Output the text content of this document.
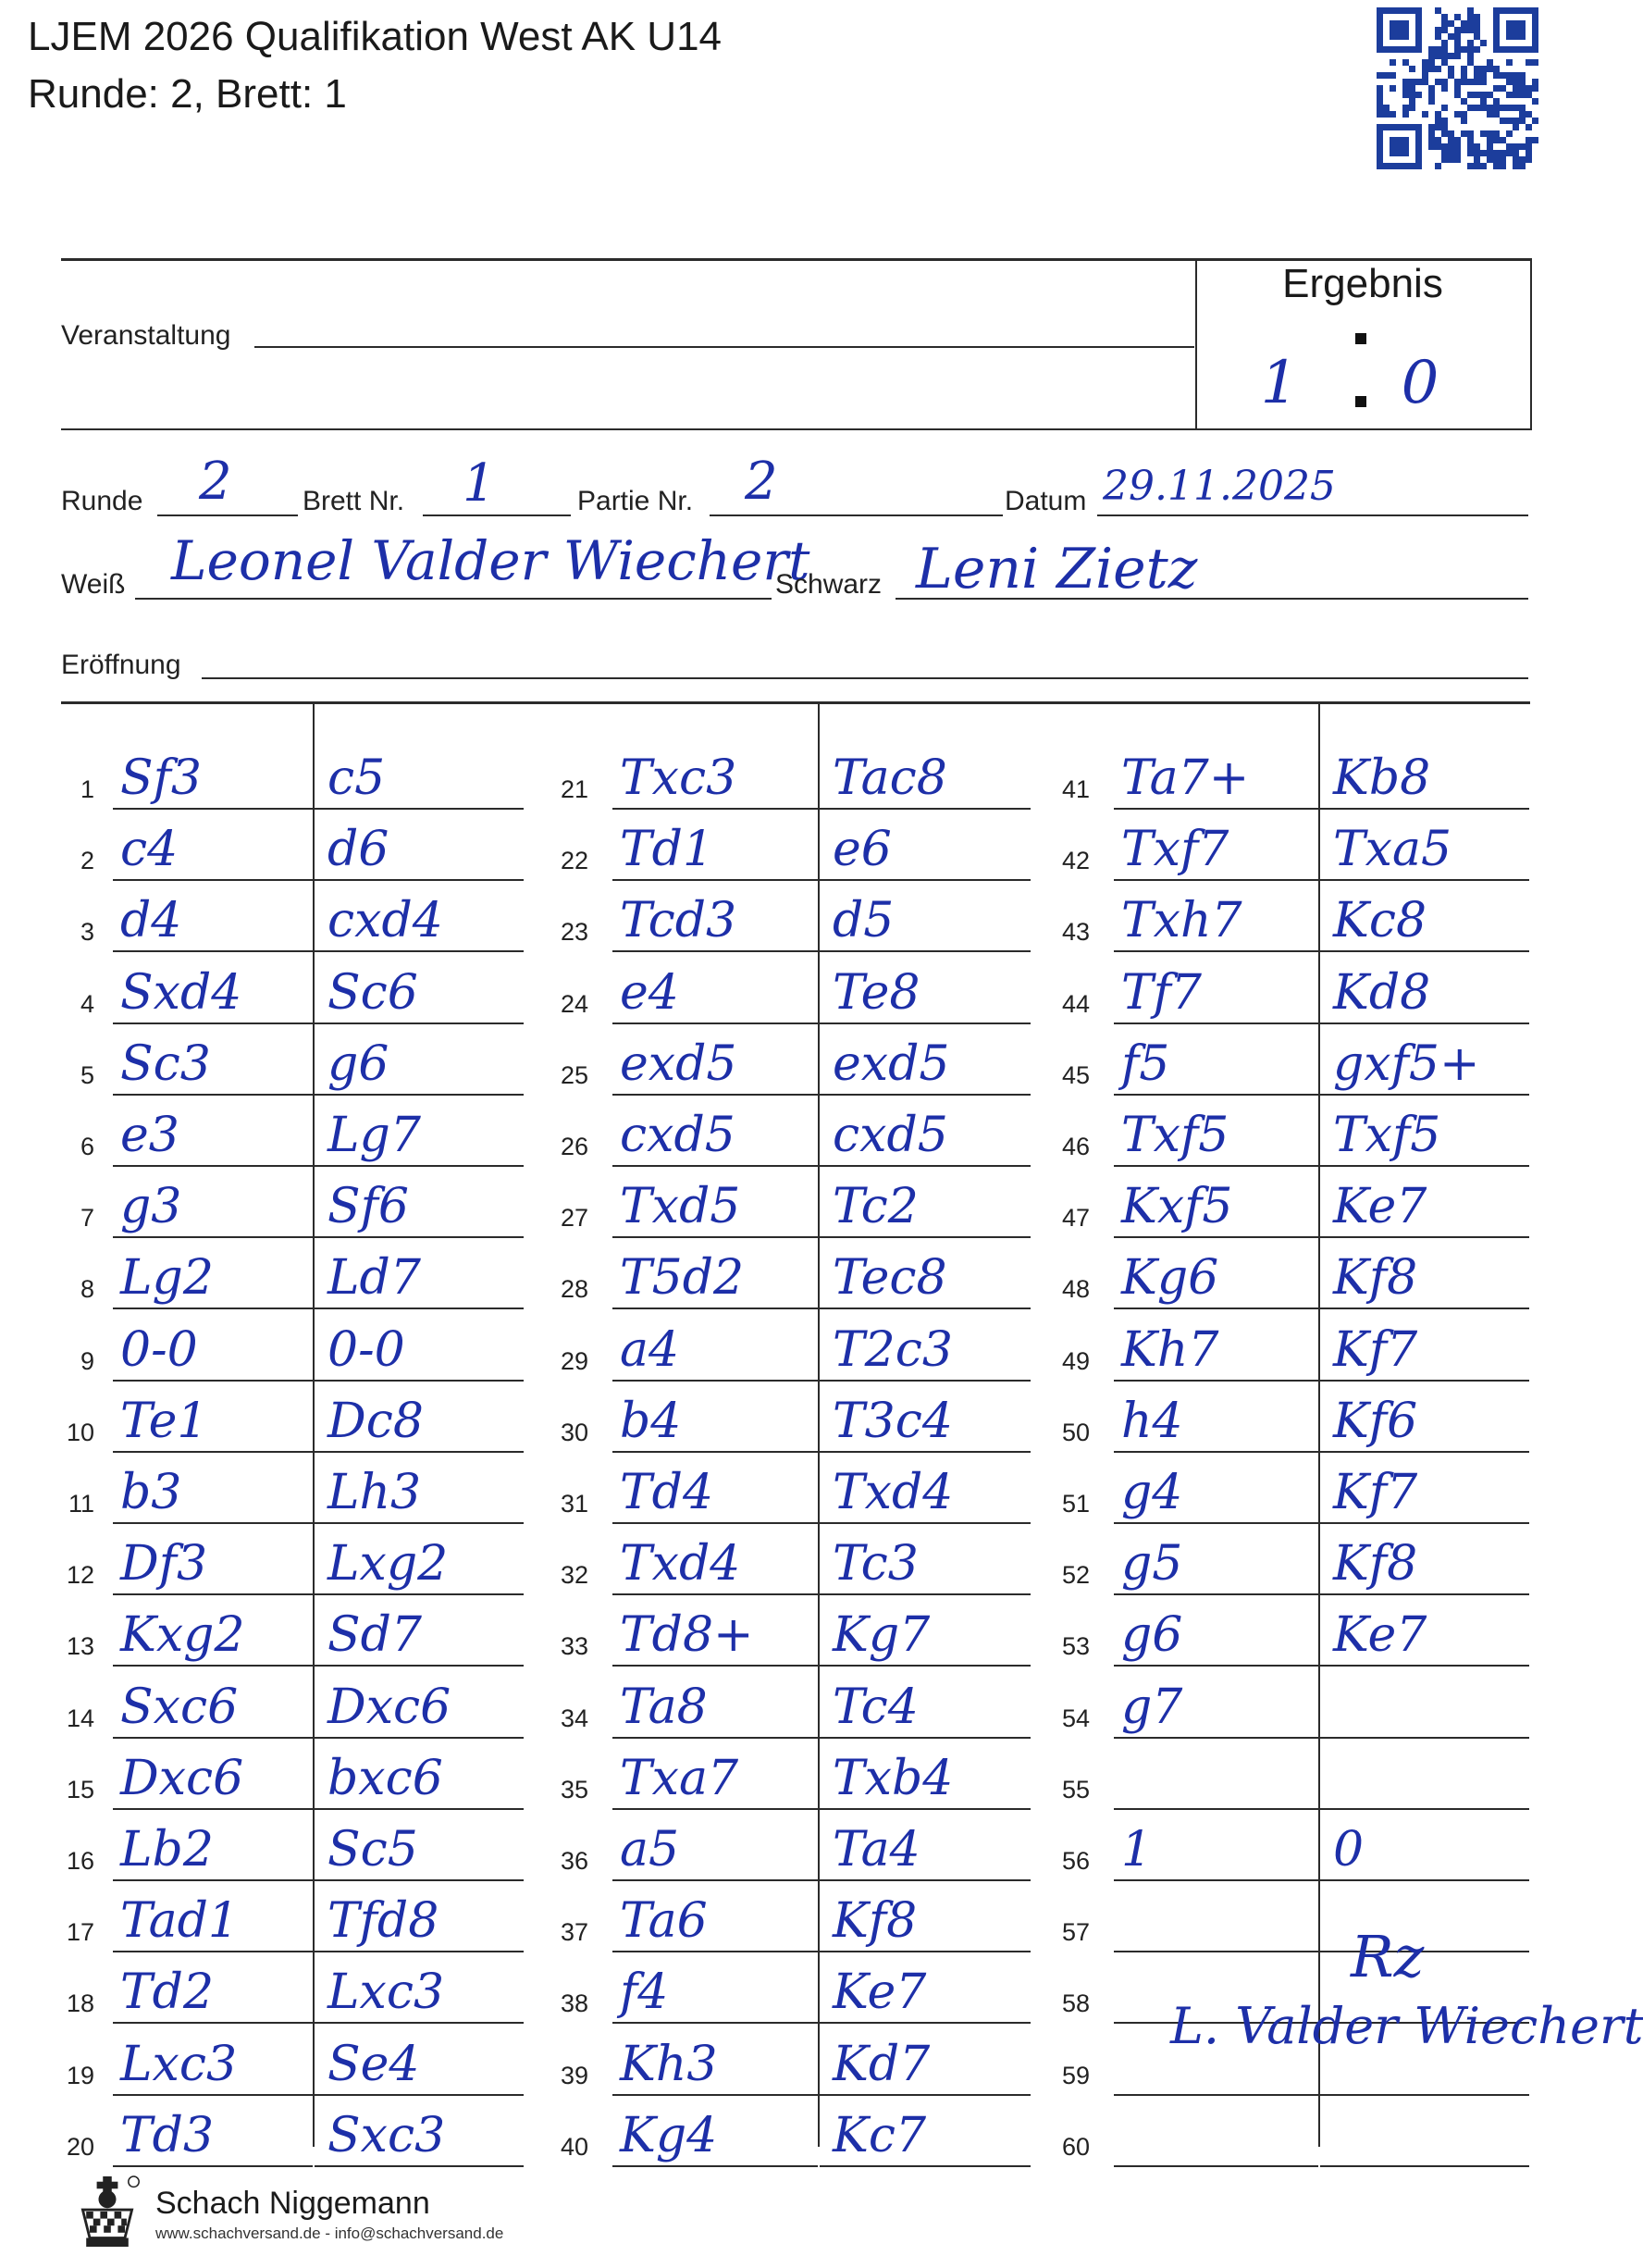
LJEM 2026 Qualifikation West AK U14
Runde: 2, Brett: 1
Ergebnis
1	0
Veranstaltung
Runde 2	Brett Nr. 1	Partie Nr. 2	Datum 29.11.2025
Weiß Leonel Valder Wiechert
Schwarz Leni Zietz
Eröffnung
1 Sf3	c5
2 c4	d6
3 d4	cxd4
4 Sxd4 Sc6
5 Sc3 g6
6 e3	Lg7
7 g3	Sf6
8 Lg2 Ld7
9 0-0	0-0
10 Te1 Dc8
11 b3	Lh3
12 Df3 Lxg2
13 Kxg2 Sd7
14 Sxc6 Dxc6
15 Dxc6 bxc6
16 Lb2 Sc5
17 Tad1 Tfd8
18 Td2 Lxc3
19 Lxc3 Se4
20 Td3 Sxc3
21 Txc3 Tac8
22 Td1 e6
23 Tcd3 d5
24 e4	Te8
25 exd5 exd5
26 cxd5 cxd5
27 Txd5 Tc2
28 T5d2 Tec8
29 a4	T2c3
30 b4	T3c4
31 Td4 Txd4
32 Txd4 Tc3
33 Td8+ Kg7
34 Ta8	Tc4
35 Txa7 Txb4
36 a5	Ta4
37 Ta6	Kf8
38 f4	Ke7
39 Kh3 Kd7
40 Kg4 Kc7
41 Ta7+ Kb8
42 Txf7 Txa5
43 Txh7 Kc8
44 Tf7	Kd8
45 f5	gxf5+
46 Txf5 Txf5
47 Kxf5 Ke7
48 Kg6 Kf8
49 Kh7 Kf7
50 h4	Kf6
51 g4	Kf7
52 g5	Kf8
53 g6	Ke7
54 g7
55
56 1	0
57
58
59
60
Rz
L. Valder Wiechert
Schach Niggemann
www.schachversand.de - info@schachversand.de
